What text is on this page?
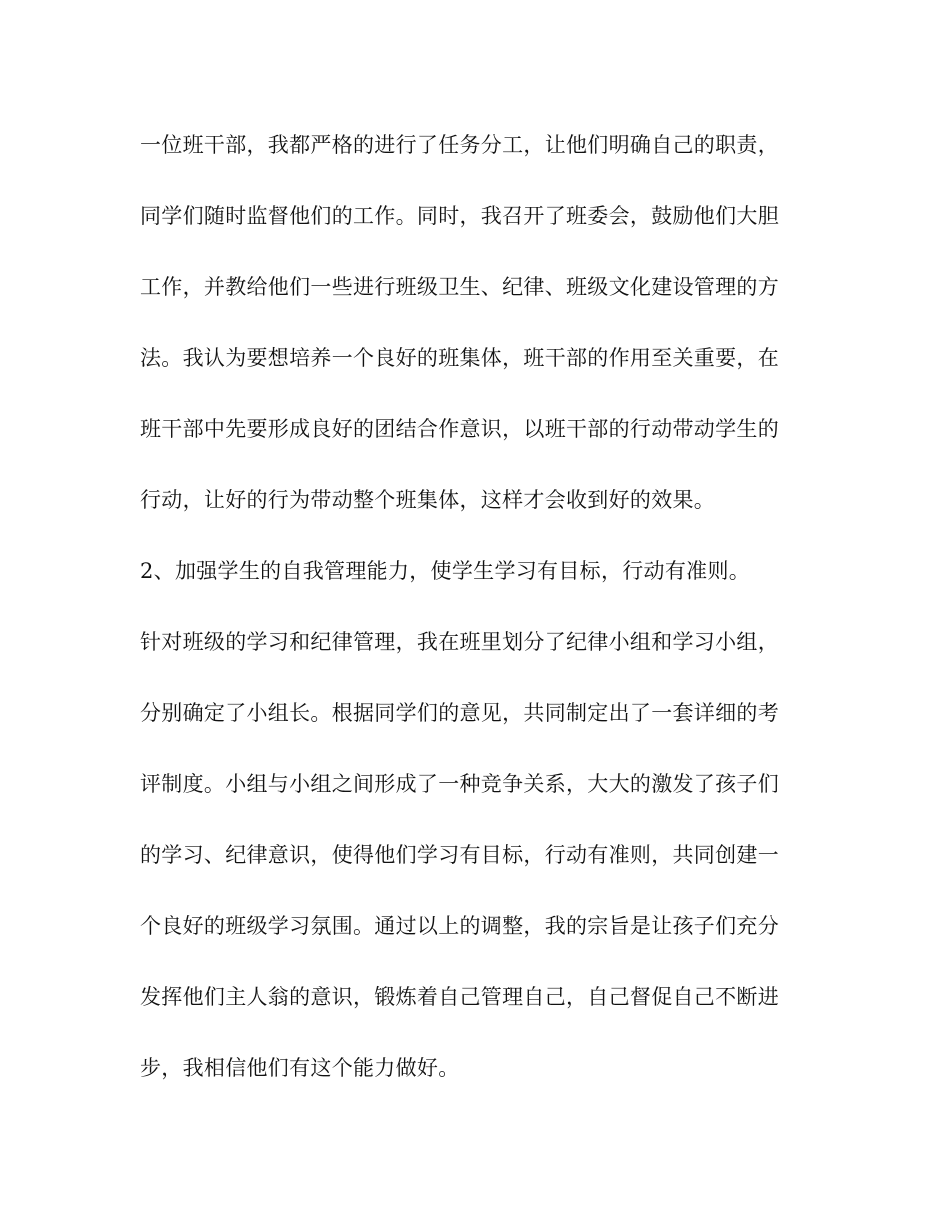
一位班干部，我都严格的进行了任务分工，让他们明确自己的职责，
同学们随时监督他们的工作。同时，我召开了班委会，鼓励他们大胆
工作，并教给他们一些进行班级卫生、纪律、班级文化建设管理的方
法。我认为要想培养一个良好的班集体，班干部的作用至关重要，在
班干部中先要形成良好的团结合作意识，以班干部的行动带动学生的
行动，让好的行为带动整个班集体，这样才会收到好的效果。
2、加强学生的自我管理能力，使学生学习有目标，行动有准则。
针对班级的学习和纪律管理，我在班里划分了纪律小组和学习小组，
分别确定了小组长。根据同学们的意见，共同制定出了一套详细的考
评制度。小组与小组之间形成了一种竞争关系，大大的激发了孩子们
的学习、纪律意识，使得他们学习有目标，行动有准则，共同创建一
个良好的班级学习氛围。通过以上的调整，我的宗旨是让孩子们充分
发挥他们主人翁的意识，锻炼着自己管理自己，自己督促自己不断进
步，我相信他们有这个能力做好。
